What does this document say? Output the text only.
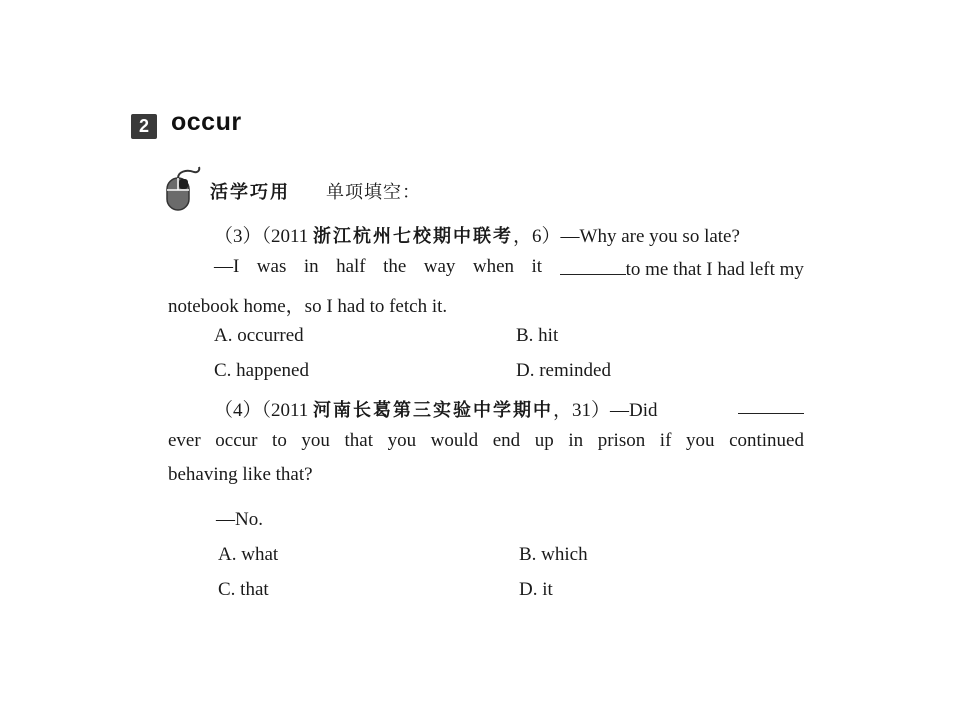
2 occur
活学巧用 单项填空：
（3）（2011 浙江杭州七校期中联考，6）—Why are you so late?
—I was in half the way when it	to me that I had left my
notebook home，so I had to fetch it.
A. occurred	B. hit
C. happened	D. reminded
（4）（2011 河南长葛第三实验中学期中，31）—Did
ever occur to you that you would end up in prison if you continued
behaving like that?
—No.
A. what	B. which
C. that	D. it
